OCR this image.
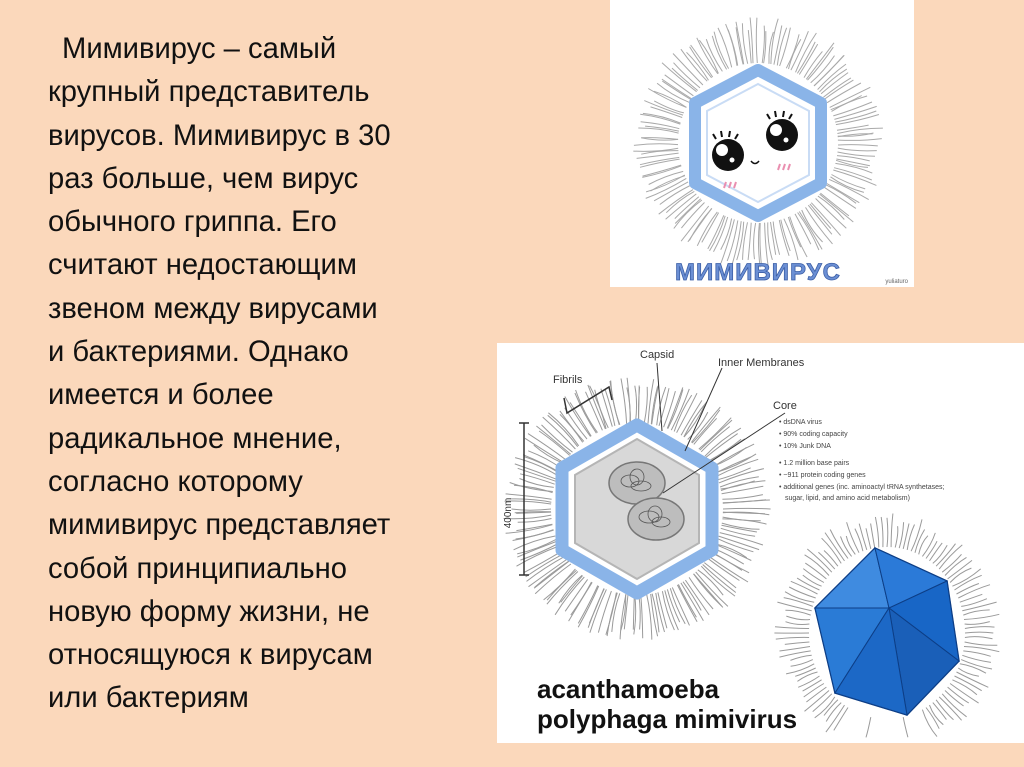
Мимивирус – самый
крупный представитель
вирусов. Мимивирус в 30
раз больше, чем вирус
обычного гриппа. Его
считают недостающим
звеном между вирусами
и бактериями. Однако
имеется и более
радикальное мнение,
согласно которому
мимивирус представляет
собой принципиально
новую форму жизни, не
относящуюся к вирусам
или бактериям
МИМИВИРУС	yuliaturo
400nm
Capsid
Inner Membranes
Fibrils
Core
• dsDNA virus
• 90% coding capacity
• 10% Junk DNA
• 1.2 million base pairs
• ~911 protein coding genes
• additional genes (inc. aminoactyl tRNA synthetases;
sugar, lipid, and amino acid metabolism)
acanthamoeba
polyphaga mimivirus
